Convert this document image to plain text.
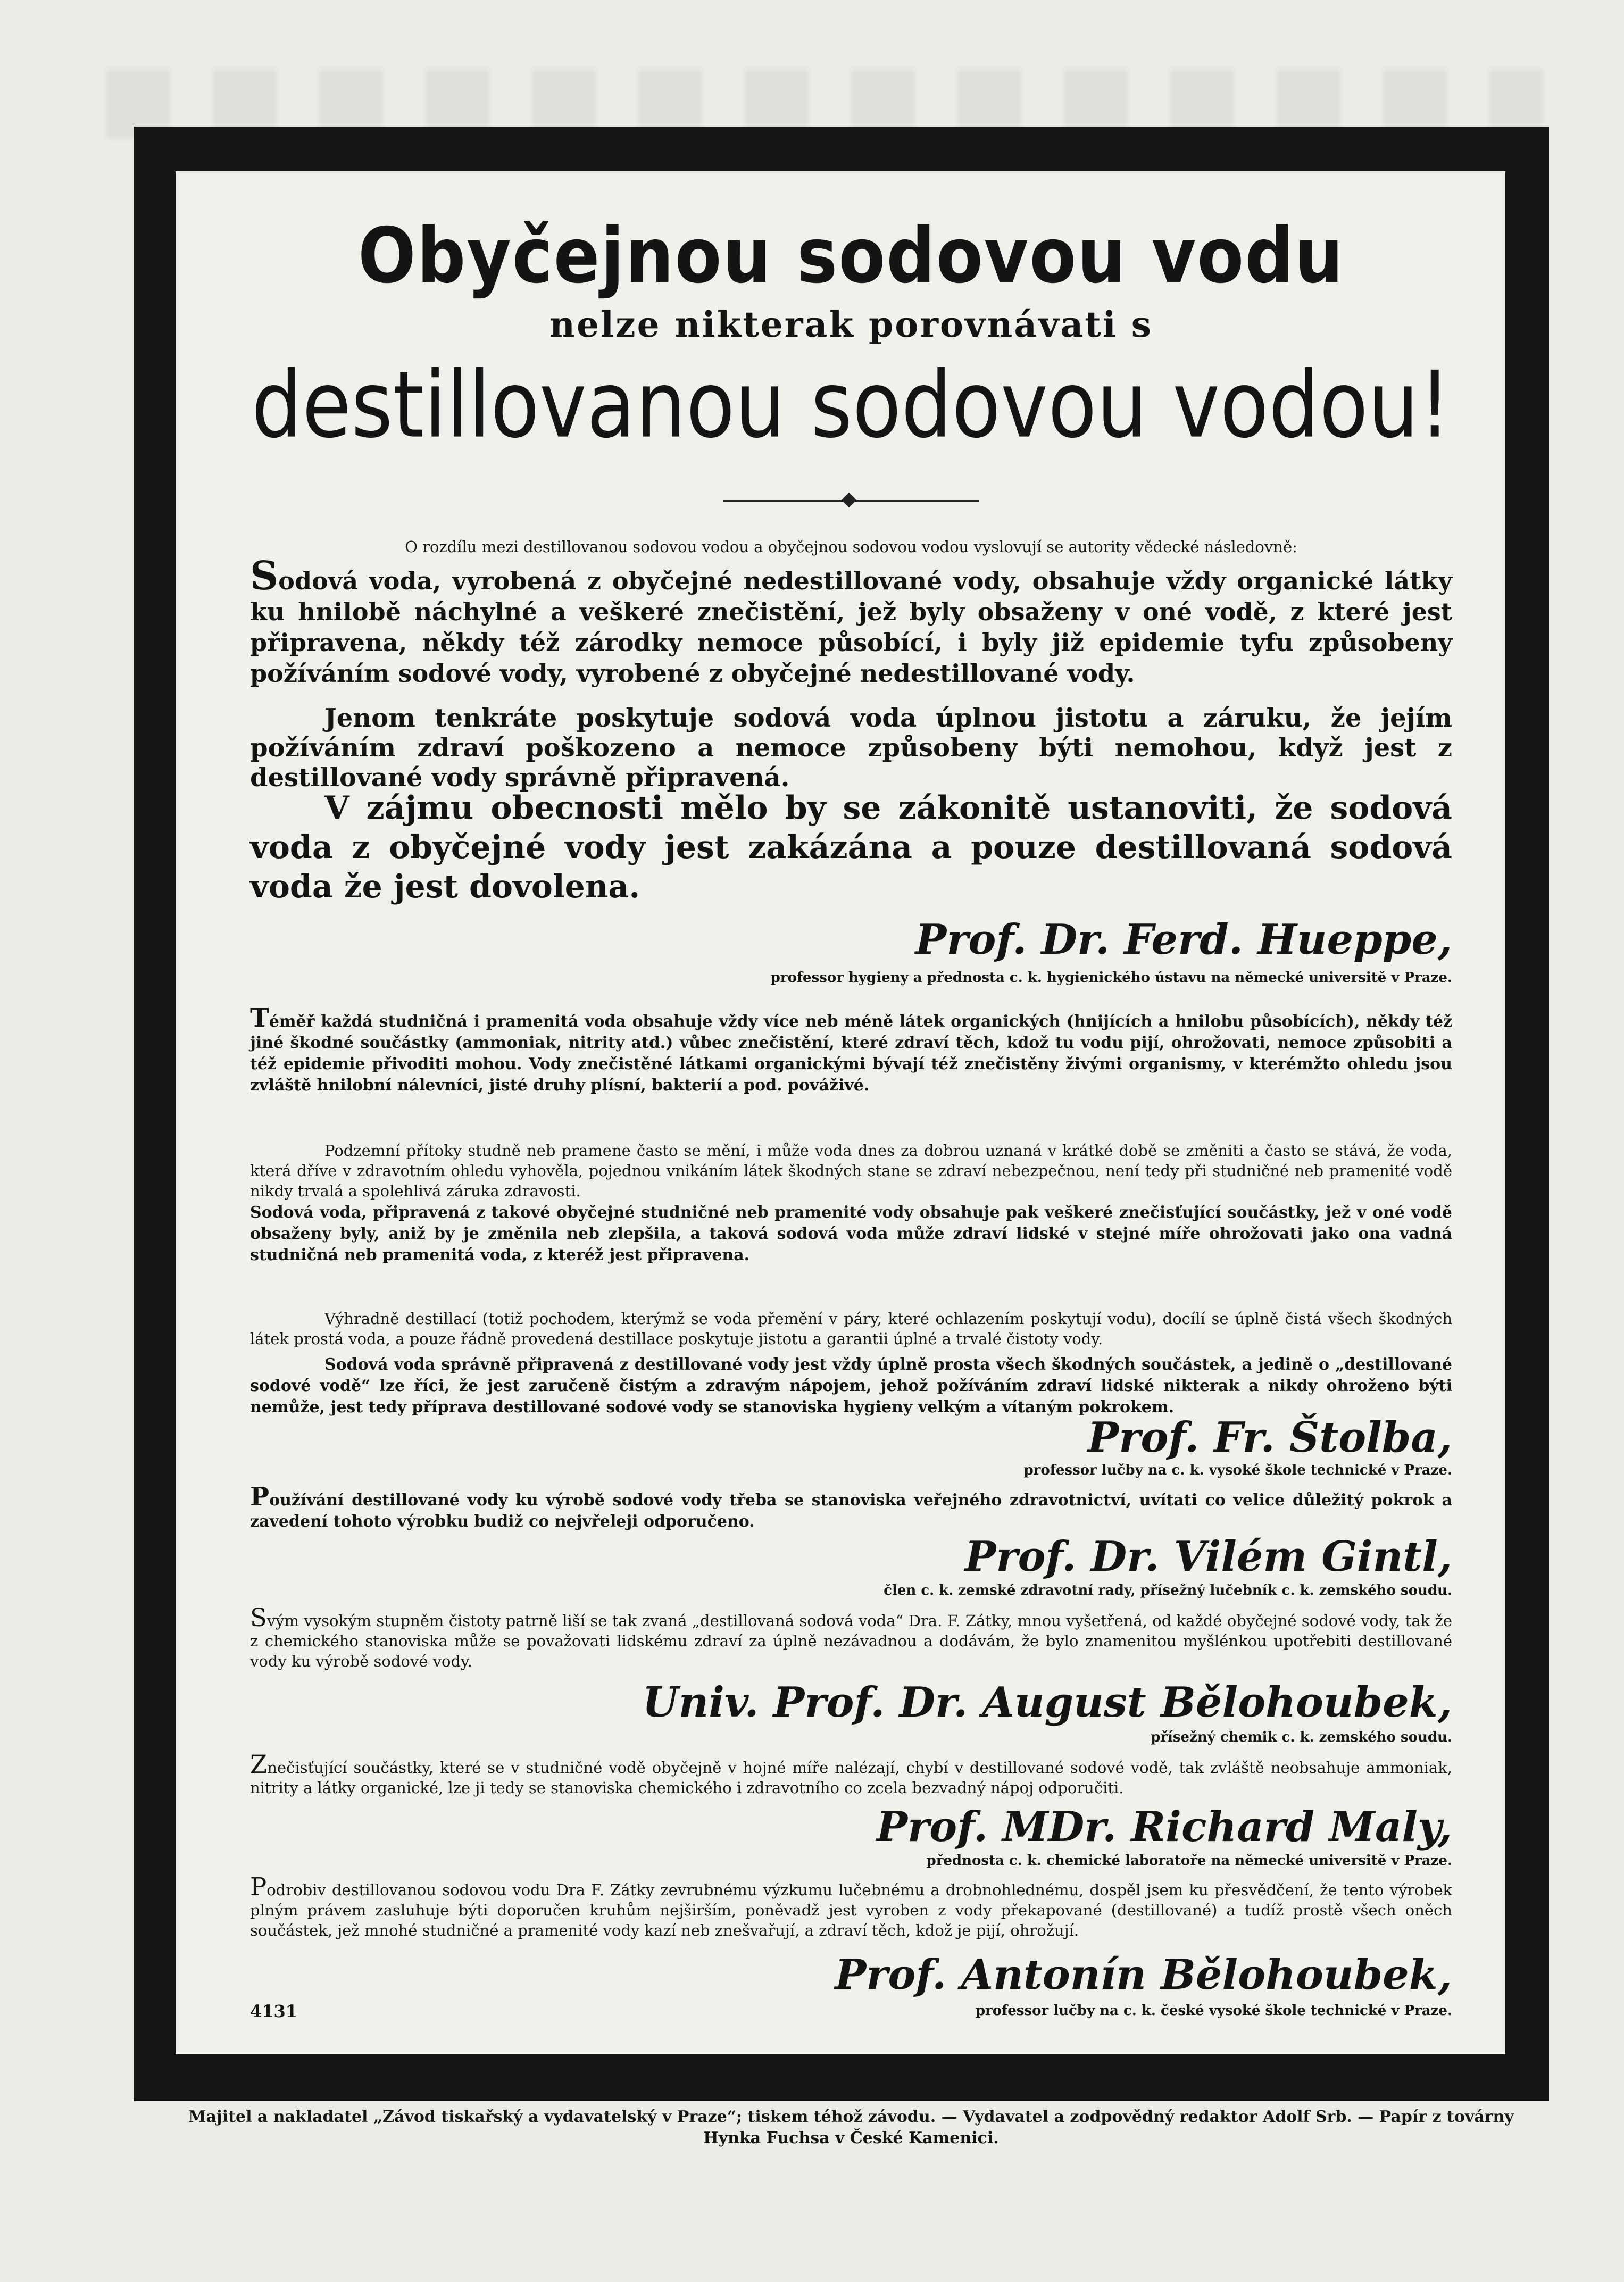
Obyčejnou sodovou vodu
nelze nikterak porovnávati s
destillovanou sodovou vodou!
O rozdílu mezi destillovanou sodovou vodou a obyčejnou sodovou vodou vyslovují se autority vědecké následovně:
Sodová voda, vyrobená z obyčejné nedestillované vody, obsahuje vždy organické látky ku hnilobě náchylné a veškeré znečistění, jež byly obsaženy v oné vodě, z které jest připravena, někdy též zárodky nemoce působící, i byly již epidemie tyfu způsobeny požíváním sodové vody, vyrobené z obyčejné nedestillované vody.
Jenom tenkráte poskytuje sodová voda úplnou jistotu a záruku, že jejím požíváním zdraví poškozeno a nemoce způsobeny býti nemohou, když jest z destillované vody správně připravená.
V zájmu obecnosti mělo by se zákonitě ustanoviti, že sodová voda z obyčejné vody jest zakázána a pouze destillovaná sodová voda že jest dovolena.
Prof. Dr. Ferd. Hueppe,
professor hygieny a přednosta c. k. hygienického ústavu na německé universitě v Praze.
Téměř každá studničná i pramenitá voda obsahuje vždy více neb méně látek organických (hnijících a hnilobu působících), někdy též jiné škodné součástky (ammoniak, nitrity atd.) vůbec znečistění, které zdraví těch, kdož tu vodu pijí, ohrožovati, nemoce způsobiti a též epidemie přivoditi mohou. Vody znečistěné látkami organickými bývají též znečistěny živými organismy, v kterémžto ohledu jsou zvláště hnilobní nálevníci, jisté druhy plísní, bakterií a pod. pováživé.
Podzemní přítoky studně neb pramene často se mění, i může voda dnes za dobrou uznaná v krátké době se změniti a často se stává, že voda, která dříve v zdravotním ohledu vyhověla, pojednou vnikáním látek škodných stane se zdraví nebezpečnou, není tedy při studničné neb pramenité vodě nikdy trvalá a spolehlivá záruka zdravosti.
Sodová voda, připravená z takové obyčejné studničné neb pramenité vody obsahuje pak veškeré znečisťující součástky, jež v oné vodě obsaženy byly, aniž by je změnila neb zlepšila, a taková sodová voda může zdraví lidské v stejné míře ohrožovati jako ona vadná studničná neb pramenitá voda, z kteréž jest připravena.
Výhradně destillací (totiž pochodem, kterýmž se voda přemění v páry, které ochlazením poskytují vodu), docílí se úplně čistá všech škodných látek prostá voda, a pouze řádně provedená destillace poskytuje jistotu a garantii úplné a trvalé čistoty vody.
Sodová voda správně připravená z destillované vody jest vždy úplně prosta všech škodných součástek, a jedině o „destillované sodové vodě“ lze říci, že jest zaručeně čistým a zdravým nápojem, jehož požíváním zdraví lidské nikterak a nikdy ohroženo býti nemůže, jest tedy příprava destillované sodové vody se stanoviska hygieny velkým a vítaným pokrokem.
Prof. Fr. Štolba,
professor lučby na c. k. vysoké škole technické v Praze.
Používání destillované vody ku výrobě sodové vody třeba se stanoviska veřejného zdravotnictví, uvítati co velice důležitý pokrok a zavedení tohoto výrobku budiž co nejvřeleji odporučeno.
Prof. Dr. Vilém Gintl,
člen c. k. zemské zdravotní rady, přísežný lučebník c. k. zemského soudu.
Svým vysokým stupněm čistoty patrně liší se tak zvaná „destillovaná sodová voda“ Dra. F. Zátky, mnou vyšetřená, od každé obyčejné sodové vody, tak že z chemického stanoviska může se považovati lidskému zdraví za úplně nezávadnou a dodávám, že bylo znamenitou myšlénkou upotřebiti destillované vody ku výrobě sodové vody.
Univ. Prof. Dr. August Bělohoubek,
přísežný chemik c. k. zemského soudu.
Znečisťující součástky, které se v studničné vodě obyčejně v hojné míře nalézají, chybí v destillované sodové vodě, tak zvláště neobsahuje ammoniak, nitrity a látky organické, lze ji tedy se stanoviska chemického i zdravotního co zcela bezvadný nápoj odporučiti.
Prof. MDr. Richard Maly,
přednosta c. k. chemické laboratoře na německé universitě v Praze.
Podrobiv destillovanou sodovou vodu Dra F. Zátky zevrubnému výzkumu lučebnému a drobnohlednému, dospěl jsem ku přesvědčení, že tento výrobek plným právem zasluhuje býti doporučen kruhům nejširším, poněvadž jest vyroben z vody překapované (destillované) a tudíž prostě všech oněch součástek, jež mnohé studničné a pramenité vody kazí neb znešvařují, a zdraví těch, kdož je pijí, ohrožují.
Prof. Antonín Bělohoubek,
professor lučby na c. k. české vysoké škole technické v Praze.
4131
Majitel a nakladatel „Závod tiskařský a vydavatelský v Praze“; tiskem téhož závodu. — Vydavatel a zodpovědný redaktor Adolf Srb. — Papír z továrny Hynka Fuchsa v České Kamenici.
